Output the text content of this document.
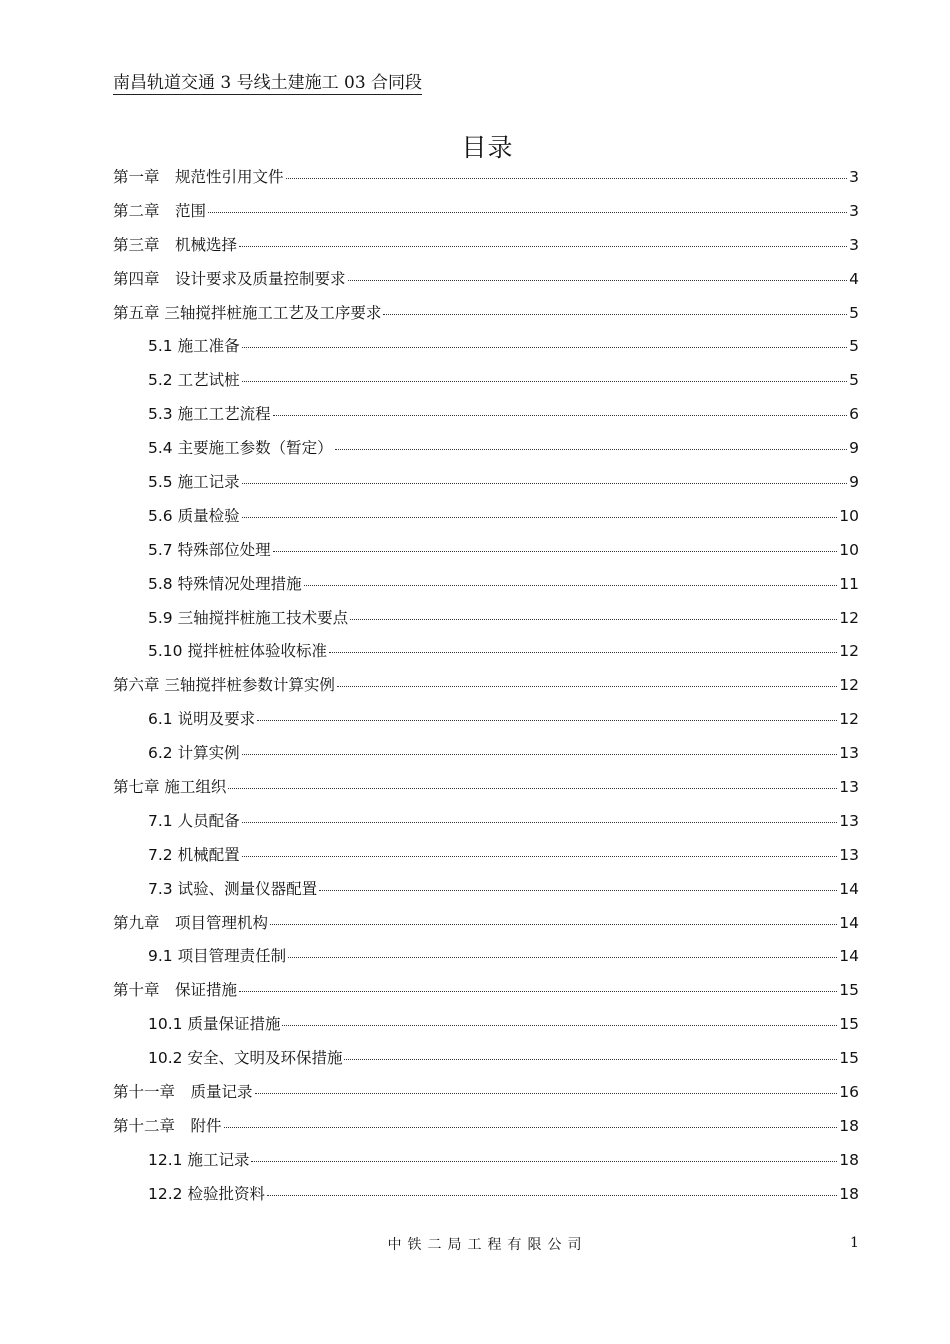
南昌轨道交通 3 号线土建施工 03 合同段
目录
第一章　规范性引用文件	3
第二章　范围	3
第三章　机械选择	3
第四章　设计要求及质量控制要求	4
第五章 三轴搅拌桩施工工艺及工序要求	5
5.1 施工准备	5
5.2 工艺试桩	5
5.3 施工工艺流程	6
5.4 主要施工参数（暂定）	9
5.5 施工记录	9
5.6 质量检验	10
5.7 特殊部位处理	10
5.8 特殊情况处理措施	11
5.9 三轴搅拌桩施工技术要点	12
5.10 搅拌桩桩体验收标准	12
第六章 三轴搅拌桩参数计算实例	12
6.1 说明及要求	12
6.2 计算实例	13
第七章 施工组织	13
7.1 人员配备	13
7.2 机械配置	13
7.3 试验、测量仪器配置	14
第九章　项目管理机构	14
9.1 项目管理责任制	14
第十章　保证措施	15
10.1 质量保证措施	15
10.2 安全、文明及环保措施	15
第十一章　质量记录	16
第十二章　附件	18
12.1 施工记录	18
12.2 检验批资料	18
中铁二局工程有限公司	1
